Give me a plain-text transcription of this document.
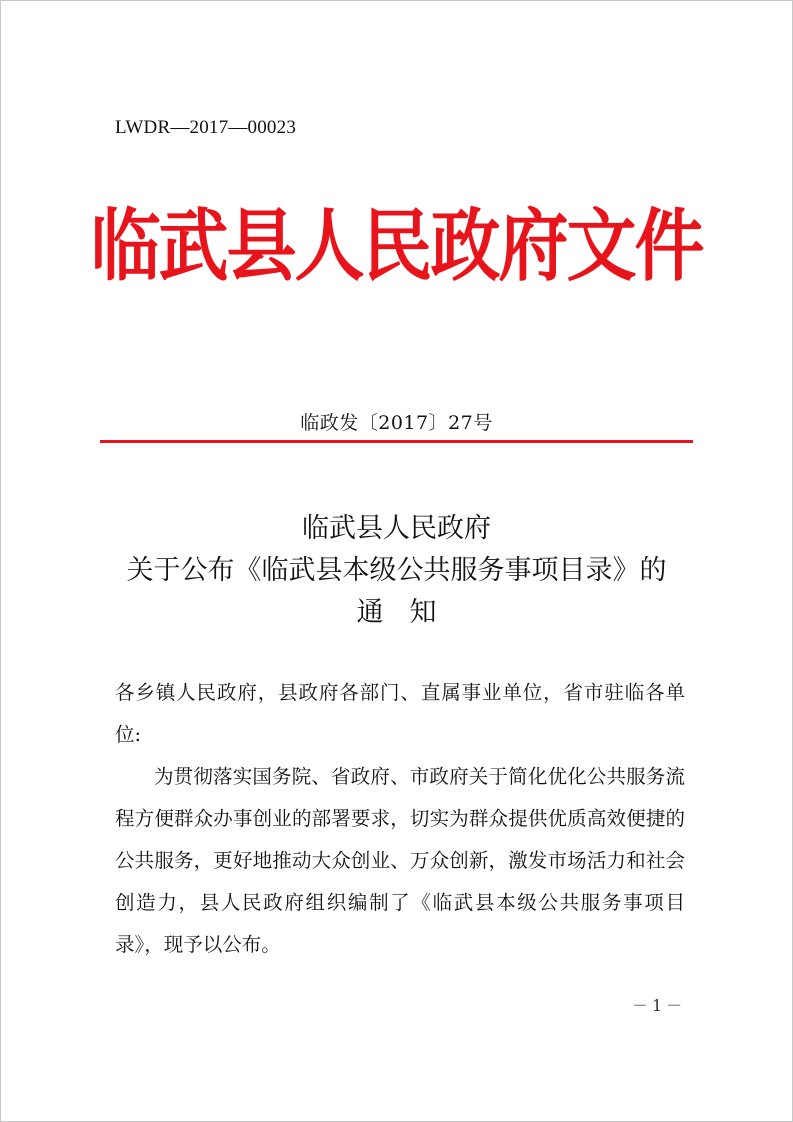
LWDR—2017—00023
临武县人民政府文件
临政发〔2017〕27号
临武县人民政府
关于公布《临武县本级公共服务事项目录》的
通知

各乡镇人民政府，县政府各部门、直属事业单位，省市驻临各单位:

为贯彻落实国务院、省政府、市政府关于简化优化公共服务流程方便群众办事创业的部署要求，切实为群众提供优质高效便捷的公共服务，更好地推动大众创业、万众创新，激发市场活力和社会创造力，县人民政府组织编制了《临武县本级公共服务事项目录》，现予以公布。

－1－
